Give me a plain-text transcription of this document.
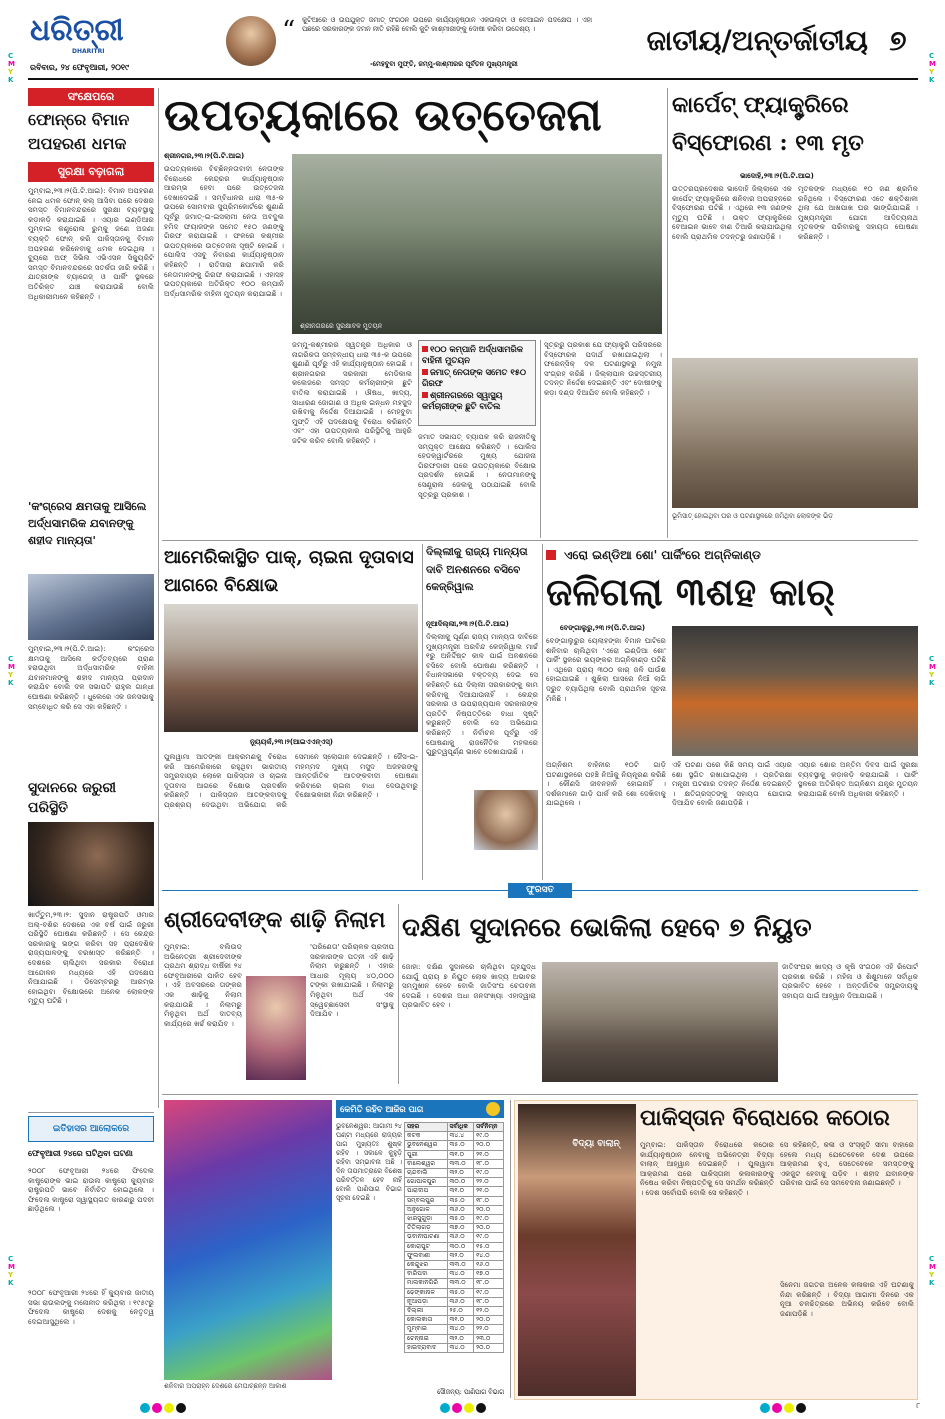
C
M
Y
K
C
M
Y
K
C
M
Y
K
C
M
Y
K
C
M
Y
K
C
M
Y
K
ଧରିତ୍ରୀ
DHARITRI
ରବିବାର, ୨୪ ଫେବୃଆରୀ, ୨୦୧୯
“ କୁଟିଆରେ ଓ ଉପଯୁକ୍ତ ଜମାତ୍ ସଂଗଠନ ଉପରେ କାର୍ଯ୍ୟାନୁଷ୍ଠାନ ଏକଉଲ୍‌ଟା ଓ ବେଆଇନ ପଦକ୍ଷେପ । ଏହା ପଛରେ ସରକାରଙ୍କ ଦମନ ନୀତି ରହିଛି ବୋଲି କୁଟି କାଶ୍ମୀରୀଙ୍କୁ ଦୋଷୀ କରିବା ଉଦ୍ଦେଶ୍ୟ ।
-ମେହବୁବା ମୁଫ୍ତି, ଜମ୍ମୁ-କାଶ୍ମୀରର ପୂର୍ବତନ ମୁଖ୍ୟମନ୍ତ୍ରୀ
ଜାତୀୟ/ଅନ୍ତର୍ଜାତୀୟ ୭
ସଂକ୍ଷେପରେ
ଫୋନ୍‌ରେ ବିମାନ ଅପହରଣ ଧମକ
ସୁରକ୍ଷା ବଢ଼ାଗଲା
ମୁମ୍ବାଇ,୨୩।୨(ପି.ଟି.ଆଇ): ବିମାନ ଅପହରଣ ନେଇ ଧମକ ଫୋନ୍ କଲ୍ ଆସିବା ପରେ ଦେଶର ସମସ୍ତ ବିମାନବନ୍ଦରରେ ସୁରକ୍ଷା ବ୍ୟବସ୍ଥାକୁ କଡ଼ାକଡ଼ି କରାଯାଇଛି । ଏୟାର ଇଣ୍ଡିଆର ମୁମ୍ବାଇ କଣ୍ଟ୍ରୋଲ ରୁମ୍‌କୁ ଜଣେ ଅଜଣା ବ୍ୟକ୍ତି ଫୋନ୍ କରି ପାକିସ୍ତାନକୁ ବିମାନ ଅପହରଣ କରିନେବାକୁ ଧମକ ଦେଇଥିଲା । ବ୍ୟୁରୋ ଅଫ୍ ସିଭିଲ ଏଭିଏସନ ସିକ୍ୟୁରିଟି ସମସ୍ତ ବିମାନବନ୍ଦରରେ ସତର୍କତା ଜାରି କରିଛି । ଯାତ୍ରୀଙ୍କ ବ୍ୟାଗେଜ୍ ଓ ପାର୍କିଂ ସ୍ଥଳରେ ଅତିରିକ୍ତ ଯାଞ୍ଚ କରାଯାଉଛି ବୋଲି ଅଧିକାରୀମାନେ କହିଛନ୍ତି ।
'କଂଗ୍ରେସ କ୍ଷମତାକୁ ଆସିଲେ ଅର୍ଦ୍ଧସାମରିକ ଯବାନଙ୍କୁ ଶହୀଦ ମାନ୍ୟତା'
ମୁମ୍ବାଇ,୨୩।୨(ପି.ଟି.ଆଇ): କଂଗ୍ରେସ କ୍ଷମତାକୁ ଆସିଲେ କର୍ତ୍ତବ୍ୟରେ ପ୍ରାଣ ହରାଉଥିବା ଅର୍ଦ୍ଧସାମରିକ ବାହିନୀ ଯବାନମାନଙ୍କୁ ଶହୀଦ ମାନ୍ୟତା ପ୍ରଦାନ କରାଯିବ ବୋଲି ଦଳ ସଭାପତି ରାହୁଲ ଗାନ୍ଧୀ ଘୋଷଣା କରିଛନ୍ତି । ଧୁଲେରେ ଏକ ଜନସଭାକୁ ସମ୍ବୋଧିତ କରି ସେ ଏହା କହିଛନ୍ତି ।
ସୁଦାନରେ ଜରୁରୀ ପରିସ୍ଥିତି
ଖାର୍ତ୍ତୁମ,୨୩।୨: ସୁଦାନ ରାଷ୍ଟ୍ରପତି ଓମାର ଅଲ୍-ବଶିର ଦେଶରେ ଏକ ବର୍ଷ ପାଇଁ ଜରୁରୀ ପରିସ୍ଥିତି ଘୋଷଣା କରିଛନ୍ତି । ସେ କେନ୍ଦ୍ର ସରକାରକୁ ଭଙ୍ଗ କରିବା ସହ ପ୍ରାଦେଶିକ ରାଜ୍ୟପାଳଙ୍କୁ ବରଖାସ୍ତ କରିଛନ୍ତି । ଦେଶରେ ଚାଲିଥିବା ସରକାର ବିରୋଧୀ ଆନ୍ଦୋଳନ ମଧ୍ୟରେ ଏହି ପଦକ୍ଷେପ ନିଆଯାଇଛି । ଡିସେମ୍ବରରୁ ଆରମ୍ଭ ହୋଇଥିବା ବିକ୍ଷୋଭରେ ଅନେକ ଲୋକଙ୍କ ମୃତ୍ୟୁ ଘଟିଛି ।
ଉପତ୍ୟକାରେ ଉତ୍ତେଜନା
ଶ୍ରୀନଗର,୨୩।୨(ପି.ଟି.ଆଇ)
ଉପତ୍ୟକାରେ ବିଚ୍ଛିନ୍ନତାବାଦୀ ନେତାଙ୍କ ବିରୋଧରେ କେନ୍ଦ୍ରର କାର୍ଯ୍ୟାନୁଷ୍ଠାନ ଆରମ୍ଭ ହେବା ପରେ ଉତ୍ତେଜନା ଦେଖାଦେଇଛି । ସମ୍ବିଧାନର ଧାରା ୩୫-କ ଉପରେ ସୋମବାର ସୁପ୍ରିମକୋର୍ଟରେ ଶୁଣାଣି ପୂର୍ବରୁ ଜମାତ୍-ଇ-ଇସଲାମୀ ନେତା ଅବଦୁଲ ହମିଦ ଫୟାଜଙ୍କ ସମେତ ୧୫୦ ଜଣଙ୍କୁ ଗିରଫ କରାଯାଇଛି । ଫଳରେ କଶ୍ମୀର ଉପତ୍ୟକାରେ ଉତ୍ତେଜନା ସୃଷ୍ଟି ହୋଇଛି । ପୋଲିସ ଏସବୁ ନିବାରଣ କାର୍ଯ୍ୟାନୁଷ୍ଠାନ କହିଛନ୍ତି । ରାତିସାରା ଛପାମାରି କରି ନେତାମାନଙ୍କୁ ଗିରଫ କରାଯାଇଛି । ଏହାସହ ଉପତ୍ୟକାରେ ଅତିରିକ୍ତ ୧୦୦ କମ୍ପାନି ଅର୍ଦ୍ଧସାମରିକ ବାହିନୀ ମୁତୟନ କରାଯାଇଛି ।
ଶ୍ରୀନଗରରେ ସୁରକ୍ଷାବଳ ମୁତୟନ
ଜମ୍ମୁ-କଶ୍ମୀରର ସ୍ୱତନ୍ତ୍ର ଅଧିକାର ଓ ନାଗରିକତା ସମ୍ବନ୍ଧୀୟ ଧାରା ୩୫-କ ଉପରେ ଶୁଣାଣି ପୂର୍ବରୁ ଏହି କାର୍ଯ୍ୟାନୁଷ୍ଠାନ ହୋଇଛି । ଶ୍ରୀନଗରର ସରକାରୀ ମେଡିକାଲ କଲେଜରେ ସମସ୍ତ କର୍ମଚାରୀଙ୍କ ଛୁଟି ବାତିଲ କରାଯାଇଛି । ଔଷଧ, ଖାଦ୍ୟ, ସାଧାରଣ ଜୋଗାଣ ଓ ଅଧିକ ଇନ୍ଧନ ମହଜୁଦ ରଖିବାକୁ ନିର୍ଦ୍ଦେଶ ଦିଆଯାଇଛି । ମେହବୁବା ମୁଫ୍ତି ଏହି ପଦକ୍ଷେପକୁ ବିରୋଧ କରିଛନ୍ତି ଏବଂ ଏହା ଉପତ୍ୟକାର ପରିସ୍ଥିତିକୁ ଆହୁରି ଜଟିଳ କରିବ ବୋଲି କହିଛନ୍ତି ।
୧୦୦ କମ୍ପାନି ଅର୍ଦ୍ଧସାମରିକ ବାହିନୀ ମୁତୟନ
ଜମାତ୍ ନେତାଙ୍କ ସମେତ ୧୫୦ ଗିରଫ
ଶ୍ରୀନଗରରେ ସ୍ୱାସ୍ଥ୍ୟ କର୍ମଚାରୀଙ୍କ ଛୁଟି ବାତିଲ
ଜମାତ ସଭାପତ୍ ବ୍ୟାପକ କରି ରାଜନୀତିକୁ ସମ୍ପୃକ୍ତ ଆକ୍ଷେପ କରିଛନ୍ତି । ପୋଲିସ ହେଡକ୍ୱାର୍ଟରରେ ମୁଖ୍ୟ ଯୋଜନା ଗିରଫଦାରୀ ପରେ ଉପତ୍ୟକାରେ ବିକ୍ଷୋଭ ପ୍ରଦର୍ଶନ ହୋଇଛି । ନେତାମାନଙ୍କୁ ସେଣ୍ଟ୍ରାଲ ଜେଲକୁ ପଠାଯାଇଛି ବୋଲି ସୂତ୍ରରୁ ପ୍ରକାଶ ।
ସୂତ୍ରରୁ ପ୍ରକାଶ ଯେ ଫ୍ୟାକ୍ଟ୍ରି ପରିସରରେ ବିସ୍ଫୋରକ ପଦାର୍ଥ ରଖାଯାଇଥିଲା । ଫରେନ୍‌ସିକ୍ ଦଳ ଘଟଣାସ୍ଥଳରୁ ନମୁନା ସଂଗ୍ରହ କରିଛି । ଜିଲ୍ଲାପାଳ ଉଚ୍ଚସ୍ତରୀୟ ତଦନ୍ତ ନିର୍ଦ୍ଦେଶ ଦେଇଛନ୍ତି ଏବଂ ଦୋଷୀଙ୍କୁ କଡ଼ା ଦଣ୍ଡ ଦିଆଯିବ ବୋଲି କହିଛନ୍ତି ।
କାର୍ପେଟ୍ ଫ୍ୟାକ୍ଟ୍ରିରେ ବିସ୍ଫୋରଣ : ୧୩ ମୃତ
ଭାଦୋହି,୨୩।୨(ପି.ଟି.ଆଇ)
ଉତ୍ତରପ୍ରଦେଶର ଭାଦୋହି ଜିଲ୍ଲାରେ ଏକ କାର୍ପେଟ୍ ଫ୍ୟାକ୍ଟ୍ରିରେ ଶନିବାର ଅପରାହ୍ନରେ ବିସ୍ଫୋରଣ ଘଟିଛି । ଏଥିରେ ୧୩ ଜଣଙ୍କ ମୃତ୍ୟୁ ଘଟିଛି । ଉକ୍ତ ଫ୍ୟାକ୍ଟ୍ରିରେ ବେଆଇନ ଭାବେ ବାଣ ତିଆରି କରାଯାଉଥିଲା ବୋଲି ପ୍ରାଥମିକ ତଦନ୍ତରୁ ଜଣାପଡ଼ିଛି ।
ମୃତକଙ୍କ ମଧ୍ୟରେ ୧୦ ଜଣ ଶ୍ରମିକ ରହିଥିଲେ । ବିସ୍ଫୋରଣ ଏତେ ଶକ୍ତିଶାଳୀ ଥିଲା ଯେ ଆଖପାଖ ଘର ଭାଙ୍ଗିଯାଇଛି । ମୁଖ୍ୟମନ୍ତ୍ରୀ ଯୋଗୀ ଆଦିତ୍ୟନାଥ ମୃତକଙ୍କ ପରିବାରକୁ ସହାୟତା ଘୋଷଣା କରିଛନ୍ତି ।
ଭୂମିସାତ୍ ହୋଇଥିବା ଘର ଓ ଘଟଣାସ୍ଥଳରେ ଜମିଥିବା ଲୋକଙ୍କ ଭିଡ଼
ଆମେରିକାସ୍ଥିତ ପାକ୍, ଚାଇନା ଦୂତାବାସ ଆଗରେ ବିକ୍ଷୋଭ
ନ୍ୟୁୟର୍କ,୨୩।୨(ଆଇଏଏନ୍‌ଏସ୍)
ପୁଲୱାମା ଆତଙ୍କୀ ଆକ୍ରମଣକୁ ବିରୋଧ କରି ଆମେରିକାରେ ରହୁଥିବା ଭାରତୀୟ ସମ୍ପ୍ରଦାୟର ଲୋକେ ପାକିସ୍ତାନ ଓ ଚାଇନା ଦୂତାବାସ ଆଗରେ ବିକ୍ଷୋଭ ପ୍ରଦର୍ଶନ କରିଛନ୍ତି । ପାକିସ୍ତାନ ଆତଙ୍କବାଦକୁ ପ୍ରଶ୍ରୟ ଦେଉଥିବା ଅଭିଯୋଗ କରି ସେମାନେ ସ୍ଲୋଗାନ ଦେଇଛନ୍ତି । ଜୈସ-ଇ-ମହମ୍ମଦ ମୁଖ୍ୟ ମସୁଦ ଅଜହରଙ୍କୁ ଆନ୍ତର୍ଜାତିକ ଆତଙ୍କବାଦୀ ଘୋଷଣା କରିବାରେ ଚାଇନା ବାଧା ଦେଉଥିବାରୁ ବିକ୍ଷୋଭକାରୀ ନିନ୍ଦା କରିଛନ୍ତି ।
ଦିଲ୍ଲୀକୁ ରାଜ୍ୟ ମାନ୍ୟତା ଦାବି ଅନଶନରେ ବସିବେ କେଜ୍ରିୱାଲ
ନୂଆଦିଲ୍ଲୀ,୨୩।୨(ପି.ଟି.ଆଇ)
ଦିଲ୍ଲୀକୁ ପୂର୍ଣ୍ଣ ରାଜ୍ୟ ମାନ୍ୟତା ଦାବିରେ ମୁଖ୍ୟମନ୍ତ୍ରୀ ଅରବିନ୍ଦ କେଜ୍ରିୱାଲ ମାର୍ଚ୍ଚ ୧ରୁ ଅନିର୍ଦ୍ଦିଷ୍ଟ କାଳ ପାଇଁ ଅନଶନରେ ବସିବେ ବୋଲି ଘୋଷଣା କରିଛନ୍ତି । ବିଧାନସଭାରେ ବକ୍ତବ୍ୟ ଦେଇ ସେ କହିଛନ୍ତି ଯେ ଦିଲ୍ଲୀ ସରକାରଙ୍କୁ କାମ କରିବାକୁ ଦିଆଯାଉନାହିଁ । କେନ୍ଦ୍ର ସରକାର ଓ ଉପରାଜ୍ୟପାଳ ସରକାରଙ୍କ ପ୍ରତିଟି ନିଷ୍ପତ୍ତିରେ ବାଧା ସୃଷ୍ଟି କରୁଛନ୍ତି ବୋଲି ସେ ଅଭିଯୋଗ କରିଛନ୍ତି । ନିର୍ବାଚନ ପୂର୍ବରୁ ଏହି ଘୋଷଣାକୁ ରାଜନୈତିକ ମହଲରେ ଗୁରୁତ୍ୱପୂର୍ଣ୍ଣ ଭାବେ ଦେଖାଯାଉଛି ।
ଏରୋ ଇଣ୍ଡିଆ ଶୋ' ପାର୍କିଂରେ ଅଗ୍ନିକାଣ୍ଡ
ଜଳିଗଲା ୩ଶହ କାର୍
ବେଙ୍ଗାଲୁରୁ,୨୩।୨(ପି.ଟି.ଆଇ)
ବେଙ୍ଗାଲୁରୁର ୟେଲାହଙ୍କା ବିମାନ ଘାଟିରେ ଶନିବାର ଚାଲିଥିବା 'ଏରୋ ଇଣ୍ଡିଆ ଶୋ' ପାର୍କିଂ ସ୍ଥଳରେ ଭୟଙ୍କର ଅଗ୍ନିକାଣ୍ଡ ଘଟିଛି । ଏଥିରେ ପ୍ରାୟ ୩୦୦ କାର୍ ଜଳି ପାଉଁଶ ହୋଇଯାଇଛି । ଶୁଖିଲା ଘାସରେ ନିଆଁ ଲାଗି ଦ୍ରୁତ ବ୍ୟାପିଥିଲା ବୋଲି ପ୍ରାଥମିକ ସୂଚନା ମିଳିଛି ।
ଅଗ୍ନିଶମ ବାହିନୀର ୧୦ଟି ଗାଡ଼ି ଘଟଣାସ୍ଥଳରେ ପହଞ୍ଚି ନିଆଁକୁ ନିୟନ୍ତ୍ରଣ କରିଛି । କୌଣସି ଜୀବନହାନି ହୋଇନାହିଁ । ଦର୍ଶକମାନେ ଗାଡ଼ି ପାର୍କ କରି ଶୋ ଦେଖିବାକୁ ଯାଇଥିଲେ ।
ଏହି ଘଟଣା ପରେ କିଛି ସମୟ ପାଇଁ ଏୟାର ଶୋ ସ୍ଥଗିତ ରଖାଯାଇଥିଲା । ପ୍ରତିରକ୍ଷା ମନ୍ତ୍ରୀ ଘଟଣାର ତଦନ୍ତ ନିର୍ଦ୍ଦେଶ ଦେଇଛନ୍ତି । କ୍ଷତିଗ୍ରସ୍ତଙ୍କୁ ସହାୟତା ଯୋଗାଇ ଦିଆଯିବ ବୋଲି ଜଣାପଡ଼ିଛି ।
ଏୟାର ଶୋର ଅନ୍ତିମ ଦିବସ ପାଇଁ ସୁରକ୍ଷା ବ୍ୟବସ୍ଥାକୁ କଡ଼ାକଡ଼ି କରାଯାଇଛି । ପାର୍କିଂ ସ୍ଥଳରେ ଅତିରିକ୍ତ ଅଗ୍ନିଶମ ଯନ୍ତ୍ର ମୁତୟନ କରାଯାଇଛି ବୋଲି ଅଧିକାରୀ କହିଛନ୍ତି ।
ଫୁରସତ
ଶ୍ରୀଦେବୀଙ୍କ ଶାଢ଼ି ନିଲାମ
ମୁମ୍ବାଇ: ବଲିଉଡ୍ ଅଭିନେତ୍ରୀ ଶ୍ରୀଦେବୀଙ୍କ ପ୍ରଥମ ଶ୍ରାଦ୍ଧ ବାର୍ଷିକୀ ୨୪ ଫେବୃଆରୀରେ ପାଳିତ ହେବ । ଏହି ଅବସରରେ ତାଙ୍କର ଏକ ଶାଢ଼ିକୁ ନିଲାମ କରାଯାଉଛି । ନିଲାମରୁ ମିଳୁଥିବା ଅର୍ଥ ଦାତବ୍ୟ କାର୍ଯ୍ୟରେ ଖର୍ଚ୍ଚ କରାଯିବ ।
'ପରିଣେତା' ପରିଚାଳକ ପ୍ରଦୀପ ସରକାରଙ୍କ ପତ୍ନୀ ଏହି ଶାଢ଼ି ନିଲାମ କରୁଛନ୍ତି । ଏହାର ଆଧାର ମୂଲ୍ୟ ୪୦,୦୦୦ ଟଙ୍କା ରଖାଯାଇଛି । ନିଲାମରୁ ମିଳୁଥିବା ଅର୍ଥ ଏକ ସ୍ୱେଚ୍ଛାସେବୀ ସଂସ୍ଥାକୁ ଦିଆଯିବ ।
ଦକ୍ଷିଣ ସୁଦାନରେ ଭୋକିଲା ହେବେ ୭ ନିୟୁତ
ଜୋହା: ଦକ୍ଷିଣ ସୁଦାନରେ ଚାଲିଥିବା ଗୃହଯୁଦ୍ଧ ଯୋଗୁଁ ପ୍ରାୟ ୭ ନିୟୁତ ଲୋକ ଖାଦ୍ୟ ଅଭାବର ସମ୍ମୁଖୀନ ହେବେ ବୋଲି ଜାତିସଂଘ ଚେତାବନୀ ଦେଇଛି । ଦେଶର ଅଧା ଜନସଂଖ୍ୟା ଏହାଦ୍ୱାରା ପ୍ରଭାବିତ ହେବ ।
ଜାତିସଂଘର ଖାଦ୍ୟ ଓ କୃଷି ସଂଗଠନ ଏହି ରିପୋର୍ଟ ପ୍ରକାଶ କରିଛି । ମହିଳା ଓ ଶିଶୁମାନେ ସର୍ବାଧିକ ପ୍ରଭାବିତ ହେବେ । ଅନ୍ତର୍ଜାତିକ ସମ୍ପ୍ରଦାୟକୁ ସହାୟତା ପାଇଁ ଆହ୍ୱାନ ଦିଆଯାଇଛି ।
ଇତିହାସର ଆଲୋକରେ
ଫେବୃଆରୀ ୨୪ରେ ଘଟିଥିବା ଘଟଣା
୨୦୦୮ ଫେବୃଆରୀ ୨୪ରେ ଫିଦେଲ କାଷ୍ଟ୍ରୋଙ୍କ ଭାଇ ରାଉଲ କାଷ୍ଟ୍ରୋ କ୍ୟୁବାର ରାଷ୍ଟ୍ରପତି ଭାବେ ନିର୍ବାଚିତ ହୋଇଥିଲେ । ଫିଦେଲ କାଷ୍ଟ୍ରୋ ସ୍ୱାସ୍ଥ୍ୟଗତ କାରଣରୁ ପଦବୀ ଛାଡ଼ିଥିଲେ ।
୨୦୦୮ ଫେବୃଆରୀ ୨୪ରେ ହିଁ କ୍ୟୁବାର ଜାତୀୟ ସଭା ରାଉଲଙ୍କୁ ମନୋନୀତ କରିଥିଲା । ୧୯୫୯ରୁ ଫିଦେଲ କାଷ୍ଟ୍ରୋ ଦେଶକୁ ନେତୃତ୍ୱ ଦେଇଆସୁଥିଲେ ।
ଶନିବାର ଅପରାହ୍ନ ଦେଶରେ ମେଘାଚ୍ଛନ୍ନ ଆକାଶ
କେମିତି ରହିବ ଆଜିର ପାଗ
ଭୁବନେଶ୍ୱର: ଆଗାମୀ ୨୪ ଘଣ୍ଟା ମଧ୍ୟରେ ରାଜ୍ୟର ପାଗ ମୁଖ୍ୟତଃ ଶୁଷ୍କ ରହିବ । ସକାଳେ କୁହୁଡ଼ି ରହିବା ସମ୍ଭାବନା ଅଛି । ଦିନ ତାପମାତ୍ରାରେ ବିଶେଷ ପରିବର୍ତ୍ତନ ହେବ ନାହିଁ ବୋଲି ପାଣିପାଗ ବିଭାଗ ସୂଚନା ଦେଇଛି ।
ସହର	ସର୍ବାଧିକ	ସର୍ବନିମ୍ନ
କଟକ	୩୪.୪	୧୯.୦
ଭୁବନେଶ୍ୱର	୩୫.୦	୨୦.୦
ପୁରୀ	୩୧.୦	୨୧.୦
ବାଲେଶ୍ୱର	୩୩.୦	୧୮.୦
ଚାନ୍ଦବାଲି	୩୨.୦	୧୯.୦
ଗୋପାଳପୁର	୩୦.୦	୨୨.୦
ପାରାଦୀପ	୩୧.୦	୨୧.୦
ସମ୍ବଲପୁର	୩୫.୦	୧୮.୦
ଅନୁଗୋଳ	୩୬.୦	୨୦.୦
ଝାରସୁଗୁଡ଼ା	୩୫.୦	୧୯.୦
ତିତିଲାଗଡ଼	୩୭.୦	୨୦.୦
ଭବାନୀପାଟଣା	୩୬.୦	୧୯.୦
କୋରାପୁଟ	୩୦.୦	୧୫.୦
ଫୁଲବାଣୀ	୩୨.୦	୧୪.୦
କେନ୍ଦୁଝର	୩୩.୦	୧୬.୦
ବାରିପଦା	୩୪.୦	୧୭.୦
ମାଲକାନଗିରି	୩୩.୦	୧୮.୦
ଢେଙ୍କାନାଳ	୩୫.୦	୧୯.୦
ନୂଆପଡ଼ା	୩୬.୦	୧୮.୦
ଦିଲ୍ଲୀ	୨୫.୦	୧୨.୦
କୋଲକାତା	୩୧.୦	୨୦.୦
ମୁମ୍ବାଇ	୩୪.୦	୨୨.୦
ଚେନ୍ନାଇ	୩୨.୦	୨୩.୦
ହାଇଦ୍ରାବାଦ	୩୪.୦	୨୦.୦
ସୌଜନ୍ୟ: ପାଣିପାଗ ବିଭାଗ
ବିଦ୍ୟା ବାଲାନ୍
ପାକିସ୍ତାନ ବିରୋଧରେ କଠୋର
ମୁମ୍ବାଇ: ପାକିସ୍ତାନ ବିରୋଧରେ କଠୋର କାର୍ଯ୍ୟାନୁଷ୍ଠାନ ନେବାକୁ ଅଭିନେତ୍ରୀ ବିଦ୍ୟା ବାଲାନ୍ ଆହ୍ୱାନ ଦେଇଛନ୍ତି । ପୁଲୱାମା ଆକ୍ରମଣ ପରେ ପାକିସ୍ତାନୀ କଳାକାରଙ୍କୁ ନିଷେଧ କରିବା ନିଷ୍ପତ୍ତିକୁ ସେ ସମର୍ଥନ କରିଛନ୍ତି । ଦେଶ ସର୍ବୋପରି ବୋଲି ସେ କହିଛନ୍ତି ।
ସେ କହିଛନ୍ତି, କଳା ଓ ସଂସ୍କୃତି ସୀମା ବାହାରେ ହେଲେ ମଧ୍ୟ ଯେତେବେଳେ ଦେଶ ଉପରେ ଆକ୍ରମଣ ହୁଏ, ସେତେବେଳେ ସମସ୍ତଙ୍କୁ ଏକଜୁଟ ହେବାକୁ ପଡ଼ିବ । ଶହୀଦ ଯବାନଙ୍କ ପରିବାର ପାଇଁ ସେ ସମବେଦନା ଜଣାଇଛନ୍ତି ।
ସିନେମା ଜଗତର ଅନେକ କଳାକାର ଏହି ଘଟଣାକୁ ନିନ୍ଦା କରିଛନ୍ତି । ବିଦ୍ୟା ଆଗାମୀ ଦିନରେ ଏକ ନୂଆ ଚଳଚ୍ଚିତ୍ରରେ ଅଭିନୟ କରିବେ ବୋଲି ଜଣାପଡ଼ିଛି ।
୮
